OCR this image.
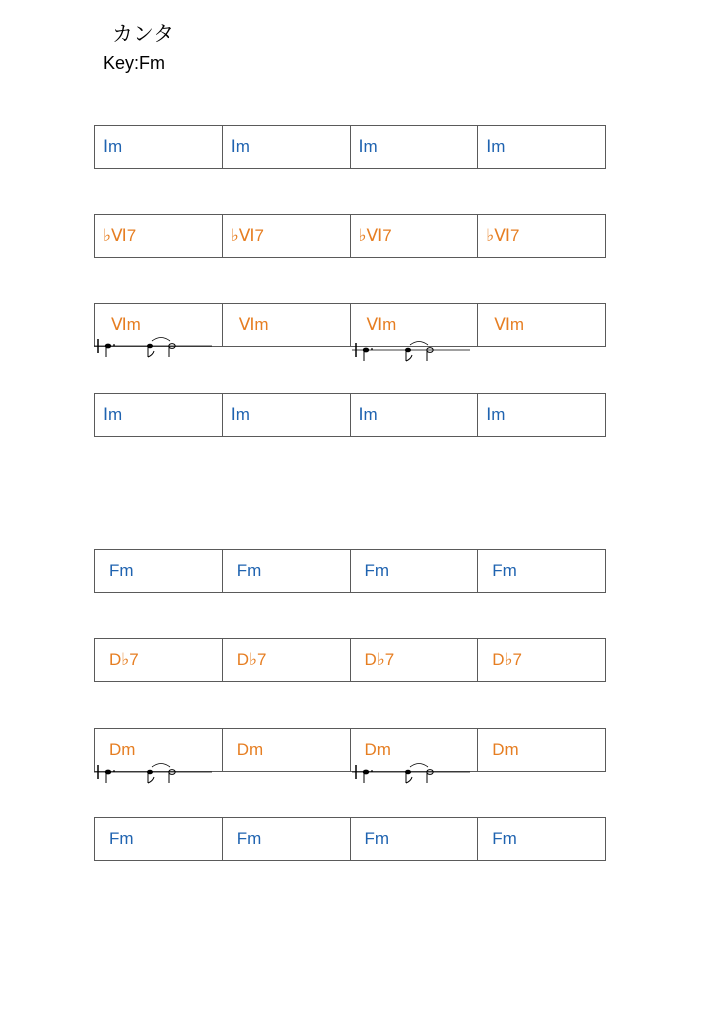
カンタ
Key:Fm
Ⅰm	Ⅰm	Ⅰm	Ⅰm
♭Ⅵ7	♭Ⅵ7	♭Ⅵ7	♭Ⅵ7
Ⅵm	Ⅵm	Ⅵm	Ⅵm
Ⅰm	Ⅰm	Ⅰm	Ⅰm
Fm	Fm	Fm	Fm
D♭7	D♭7	D♭7	D♭7
Dm	Dm	Dm	Dm
Fm	Fm	Fm	Fm
